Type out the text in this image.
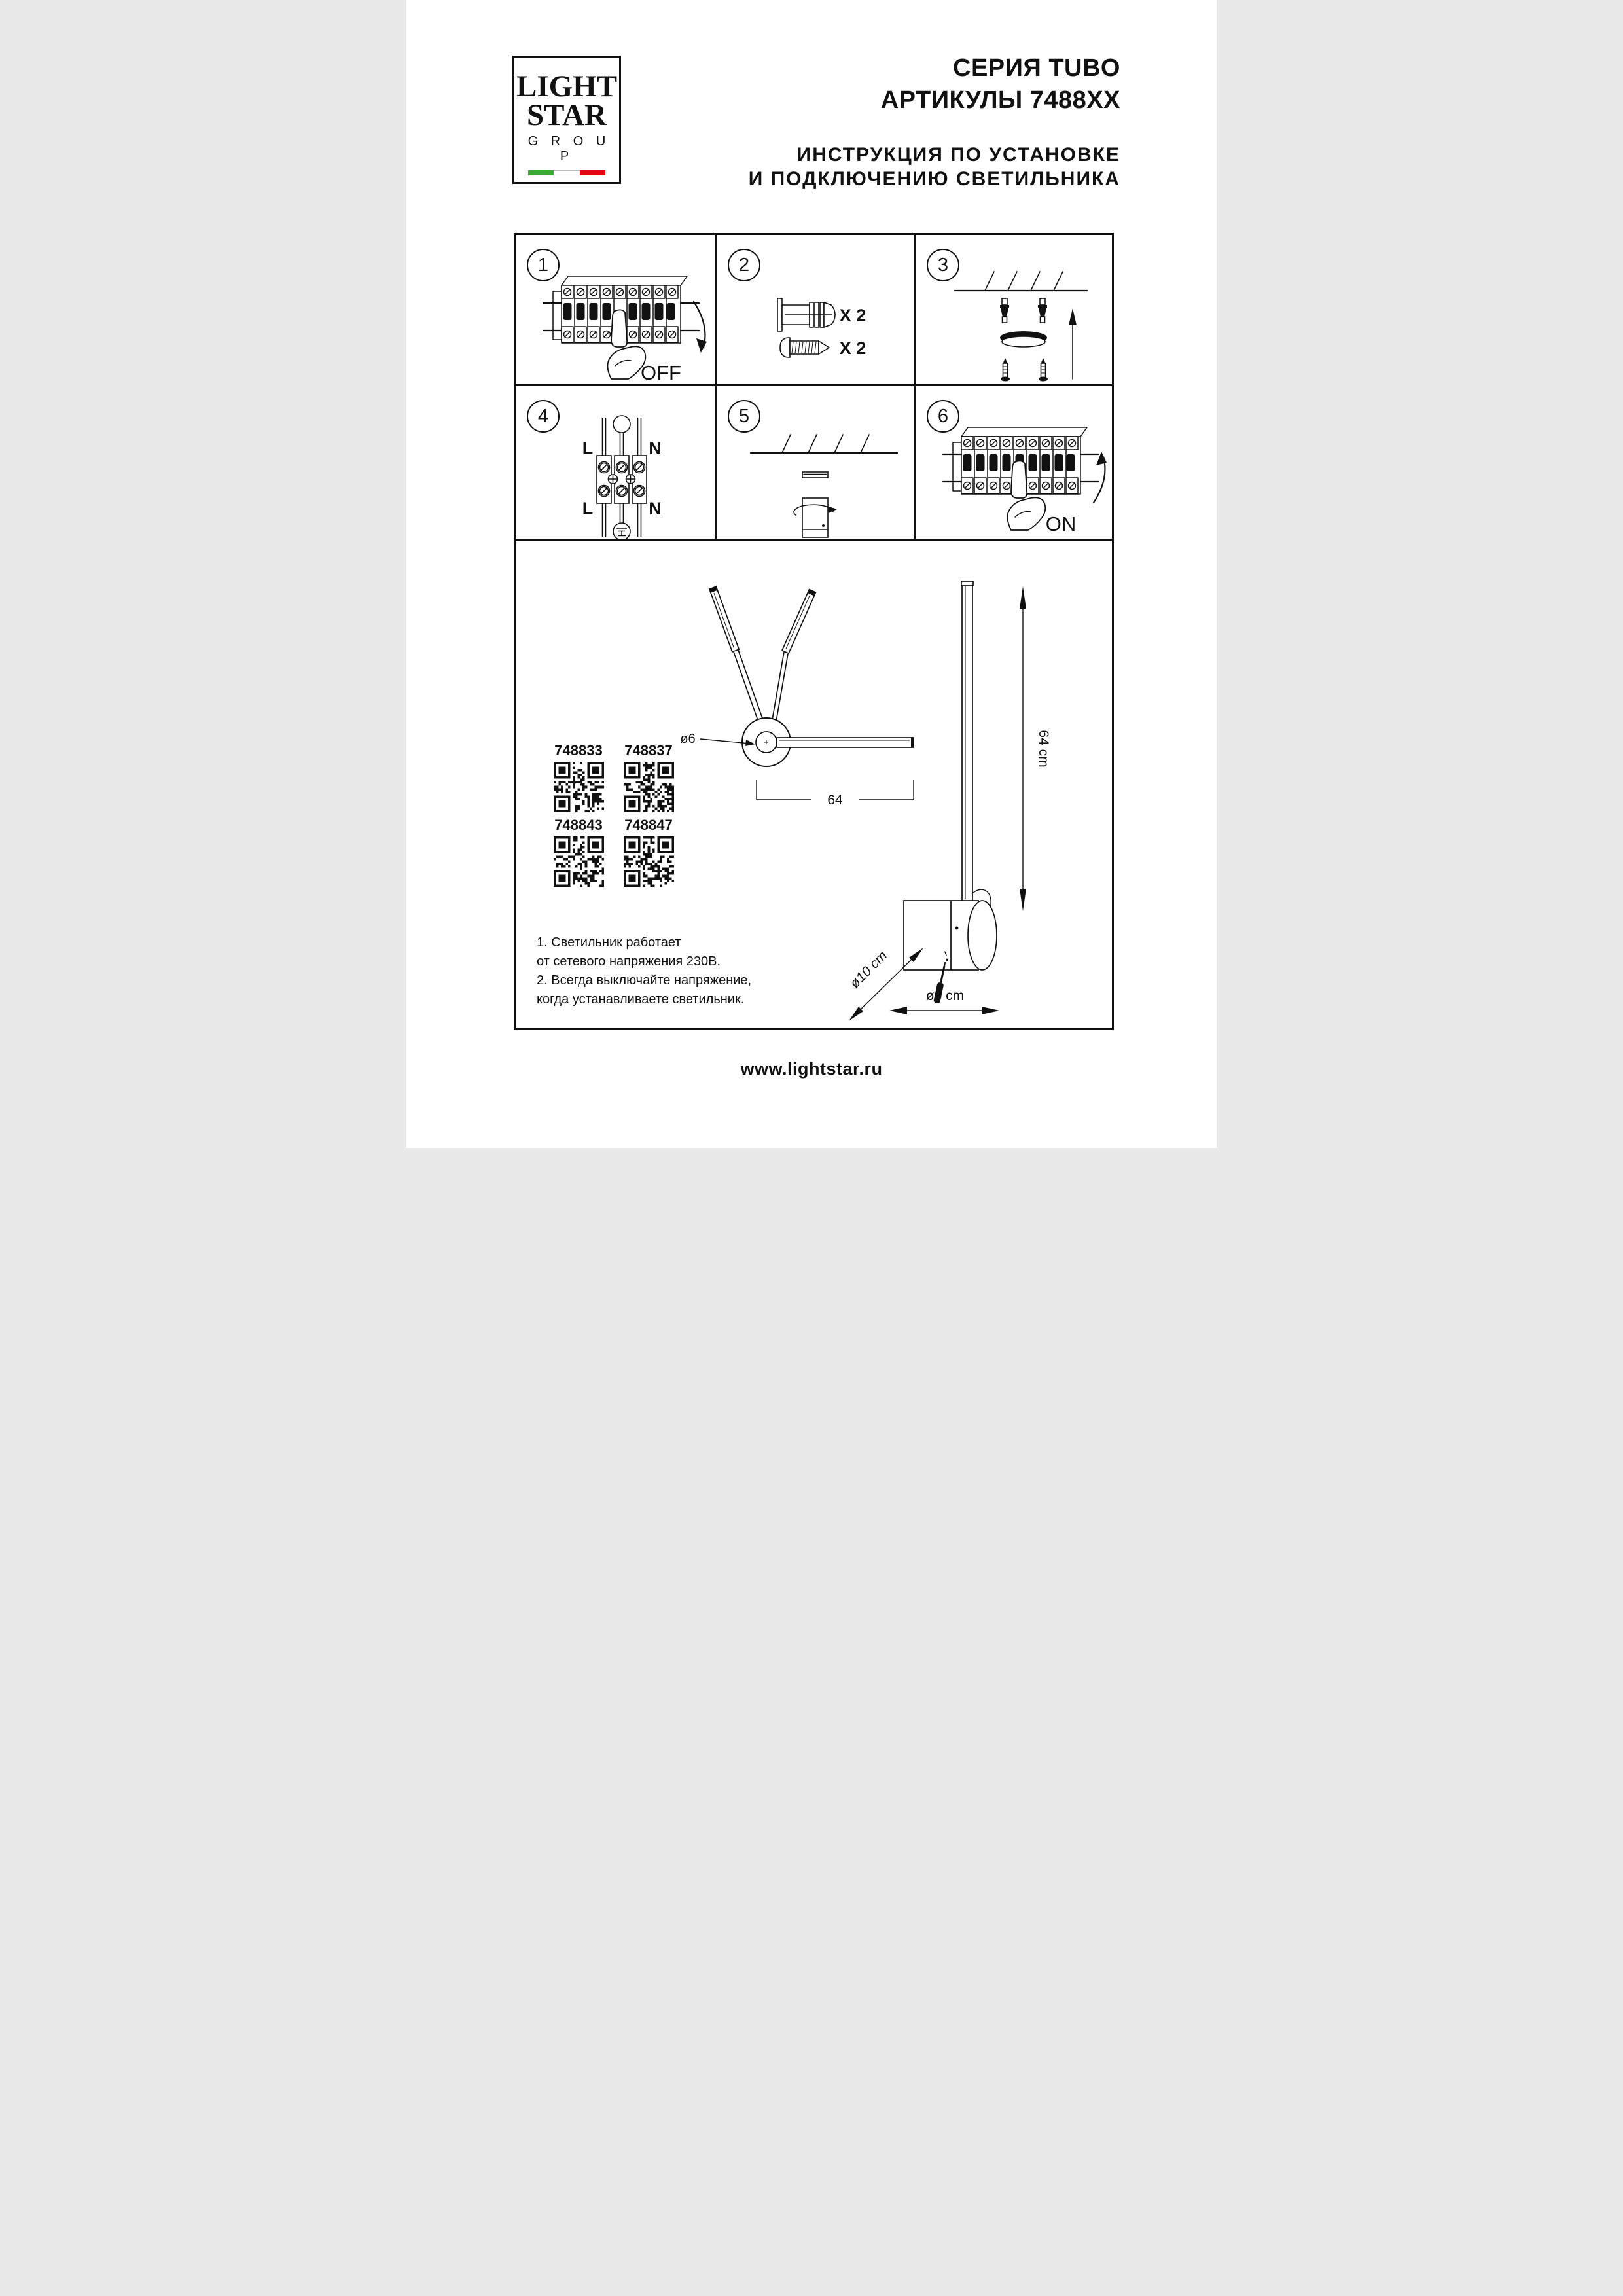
LIGHT
STAR
G R O U P
СЕРИЯ TUBO
АРТИКУЛЫ 7488XX
ИНСТРУКЦИЯ ПО УСТАНОВКЕ
И ПОДКЛЮЧЕНИЮ СВЕТИЛЬНИКА
1
OFF
2
X 2
X 2
3
4
L	N
L	N
5	6
ON
ø6
64
64 cm
ø10 cm
ø6 cm
748833	748837
748843	748847
1. Светильник работает
от сетевого напряжения 230В.
2. Всегда выключайте напряжение,
когда устанавливаете светильник.
www.lightstar.ru
